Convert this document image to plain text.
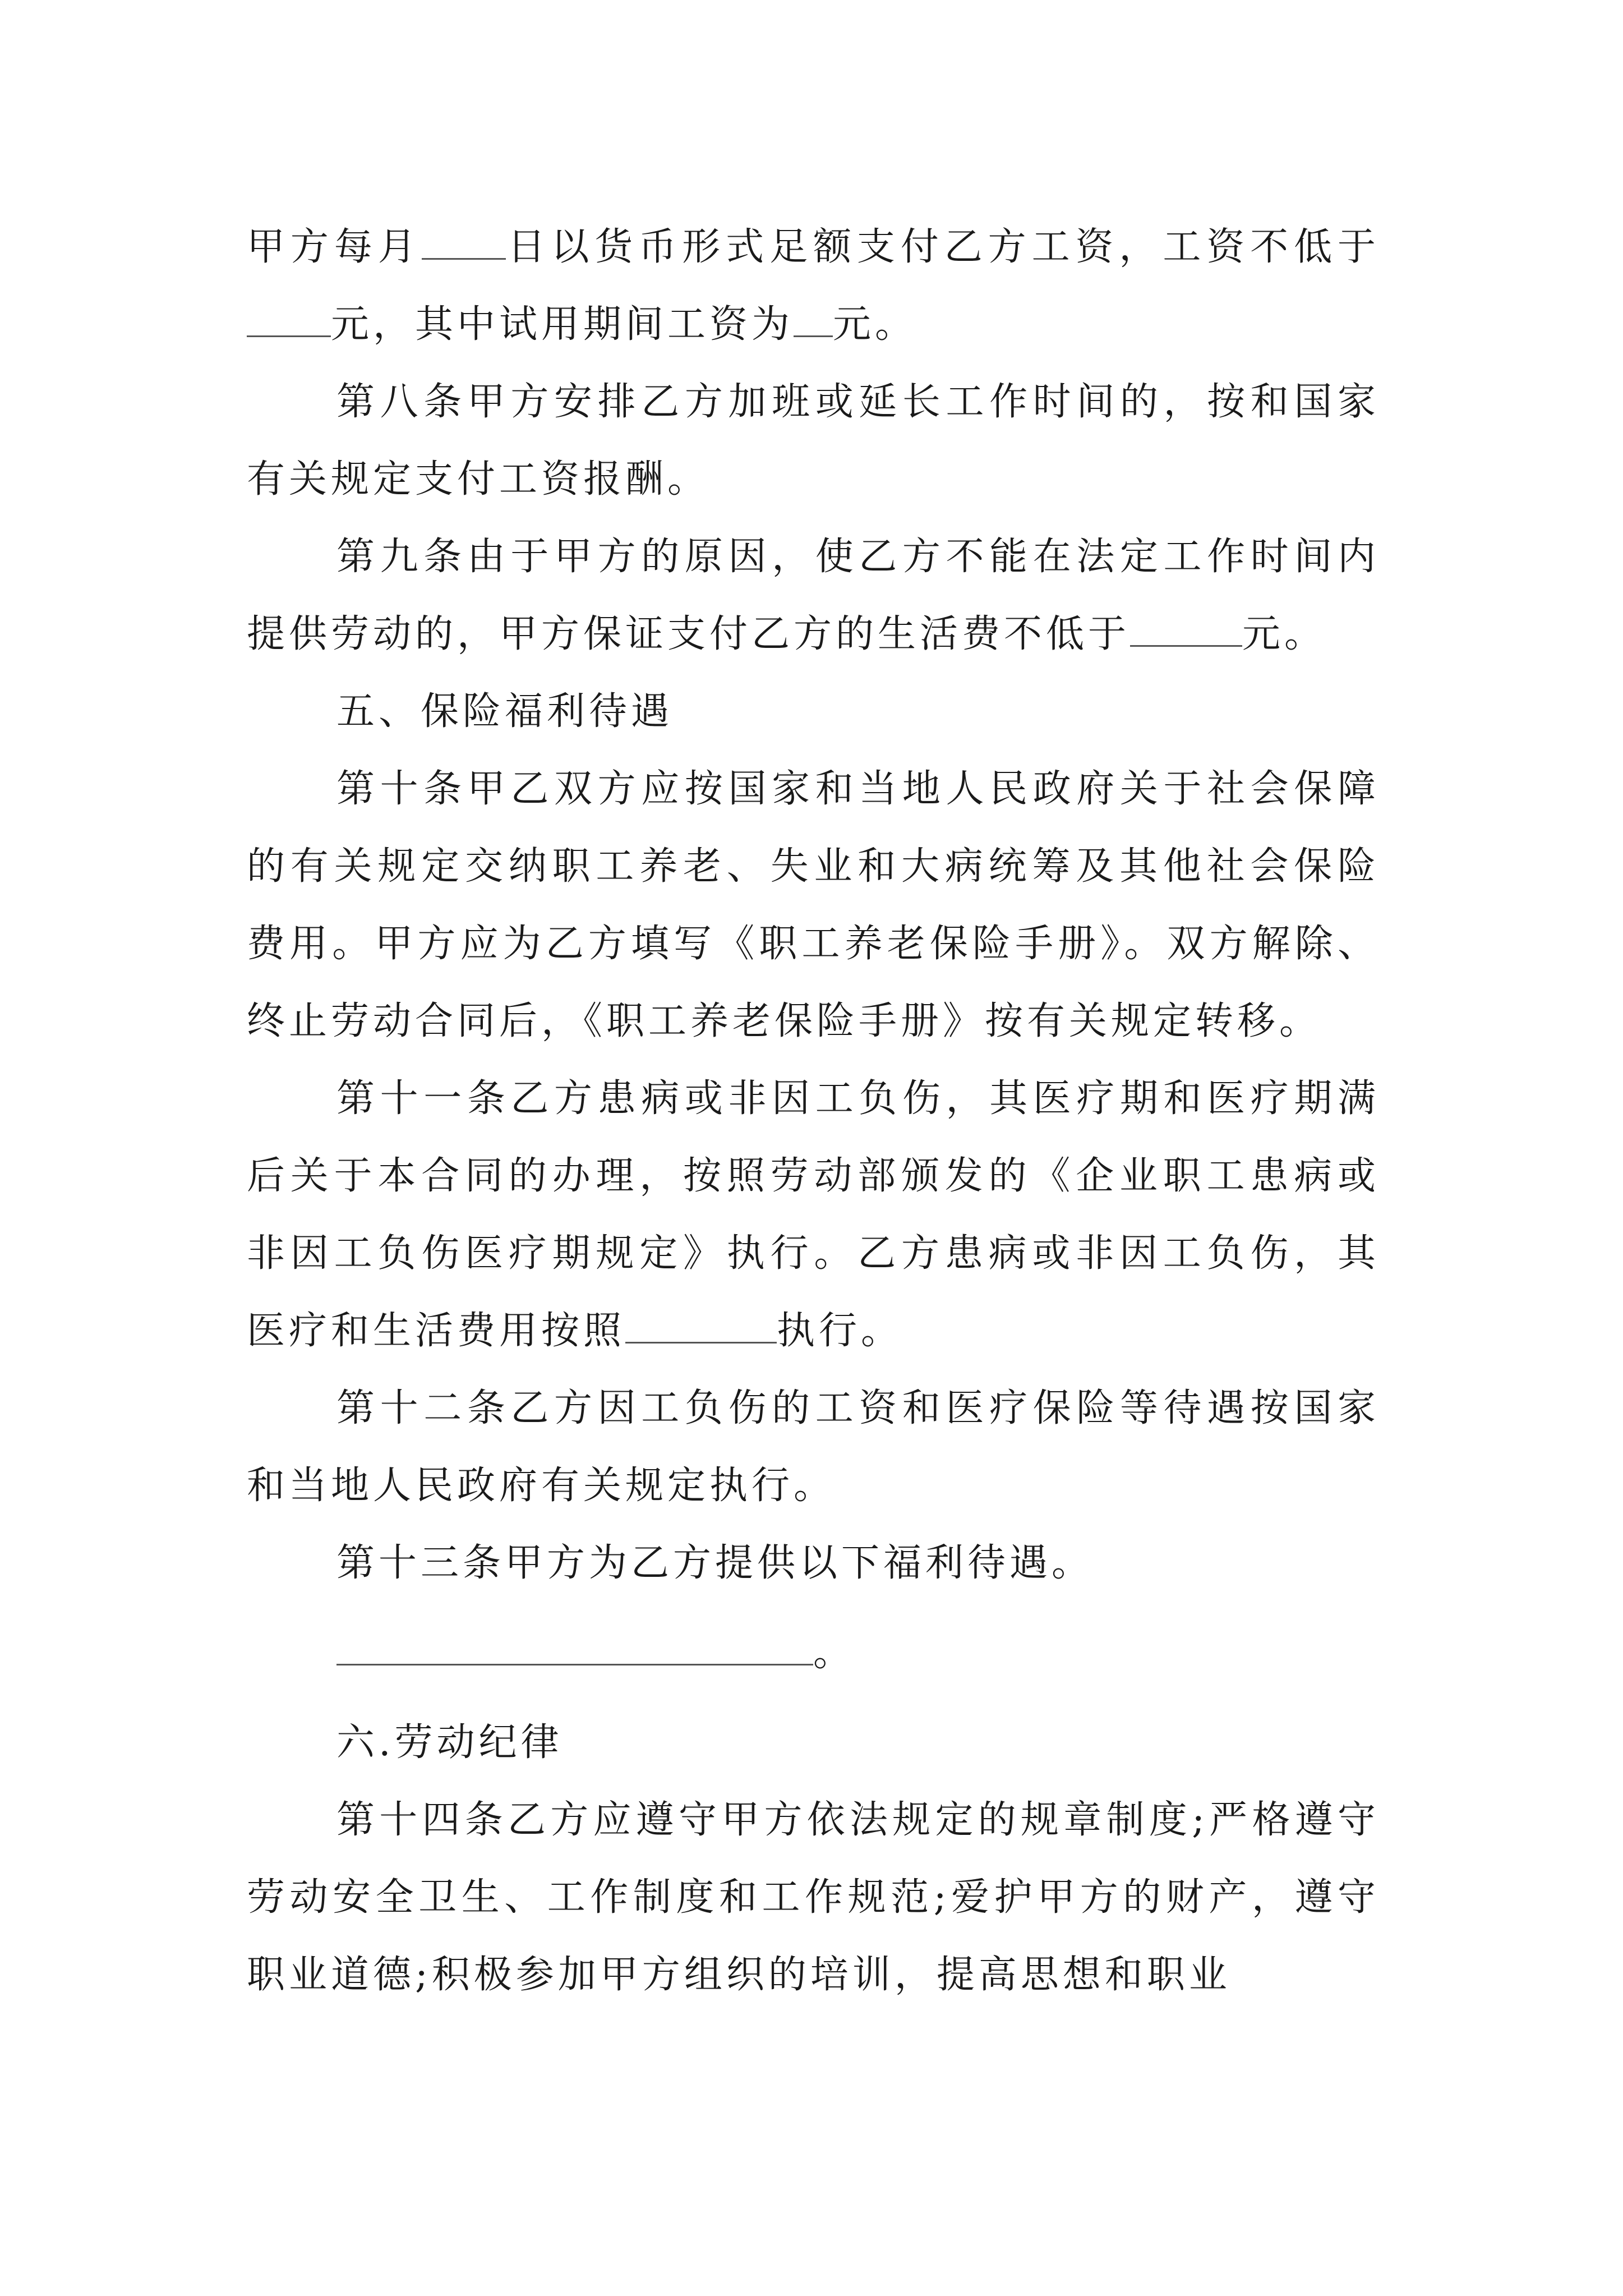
甲方每月 日以货币形式足额支付乙方工资，工资不低于元，其中试用期间工资为 元。

第八条甲方安排乙方加班或延长工作时间的，按和国家有关规定支付工资报酬。

第九条由于甲方的原因，使乙方不能在法定工作时间内提供劳动的，甲方保证支付乙方的生活费不低于	元。

五、保险福利待遇

第十条甲乙双方应按国家和当地人民政府关于社会保障的有关规定交纳职工养老、失业和大病统筹及其他社会保险费用。甲方应为乙方填写《职工养老保险手册》。双方解除、终止劳动合同后，《职工养老保险手册》按有关规定转移。

第十一条乙方患病或非因工负伤，其医疗期和医疗期满后关于本合同的办理，按照劳动部颁发的《企业职工患病或非因工负伤医疗期规定》执行。乙方患病或非因工负伤，其医疗和生活费用按照	执行。

第十二条乙方因工负伤的工资和医疗保险等待遇按国家和当地人民政府有关规定执行。

第十三条甲方为乙方提供以下福利待遇。

。

六.劳动纪律

第十四条乙方应遵守甲方依法规定的规章制度;严格遵守劳动安全卫生、工作制度和工作规范;爱护甲方的财产，遵守职业道德;积极参加甲方组织的培训，提高思想和职业
